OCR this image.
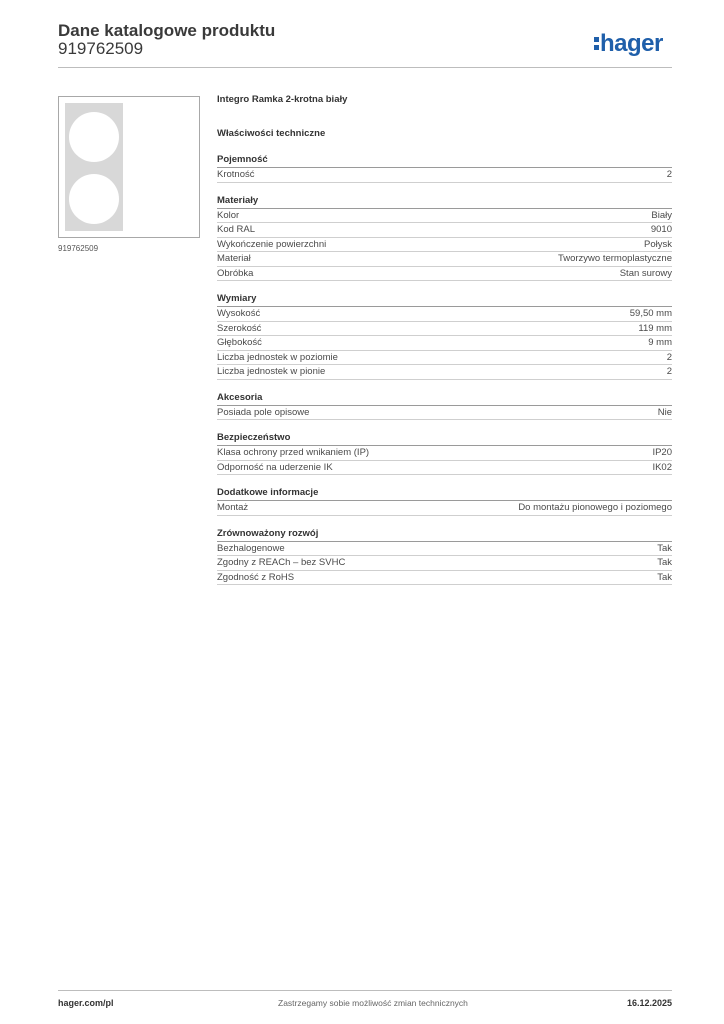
Dane katalogowe produktu
919762509	hager
919762509
Integro Ramka 2-krotna biały
Właściwości techniczne
Pojemność
Krotność	2
Materiały
Kolor	Biały
Kod RAL	9010
Wykończenie powierzchni	Połysk
Materiał	Tworzywo termoplastyczne
Obróbka	Stan surowy
Wymiary
Wysokość	59,50 mm
Szerokość	119 mm
Głębokość	9 mm
Liczba jednostek w poziomie	2
Liczba jednostek w pionie	2
Akcesoria
Posiada pole opisowe	Nie
Bezpieczeństwo
Klasa ochrony przed wnikaniem (IP)	IP20
Odporność na uderzenie IK	IK02
Dodatkowe informacje
Montaż	Do montażu pionowego i poziomego
Zrównoważony rozwój
Bezhalogenowe	Tak
Zgodny z REACh – bez SVHC	Tak
Zgodność z RoHS	Tak
hager.com/pl	Zastrzegamy sobie możliwość zmian technicznych	16.12.2025
